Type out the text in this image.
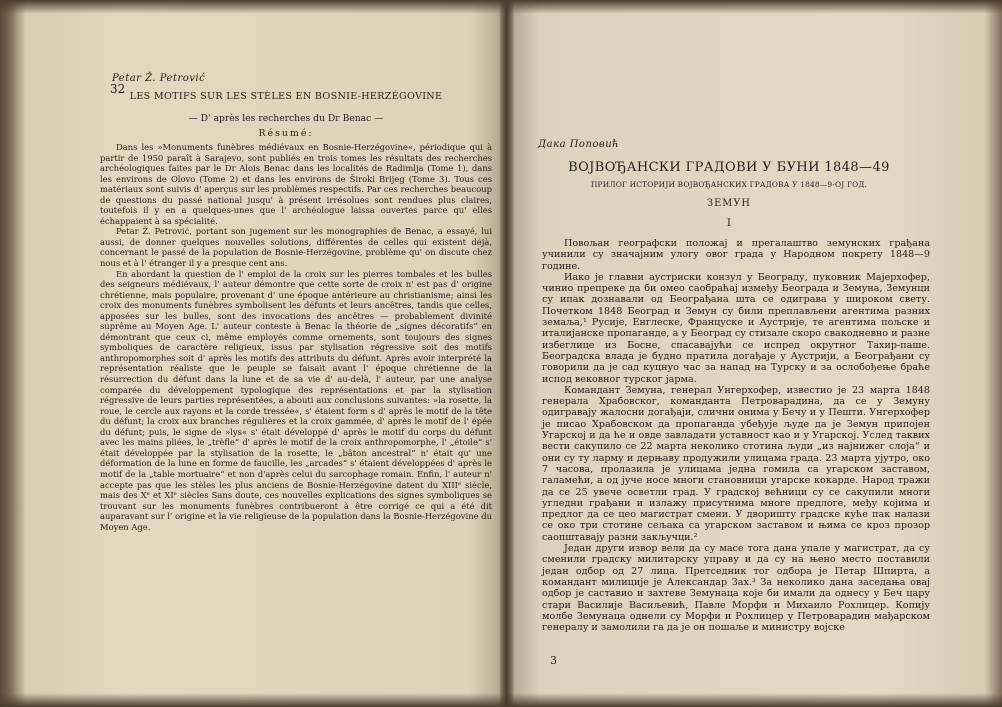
32
Petar Ž. Petrović
LES MOTIFS SUR LES STÈLES EN BOSNIE-HERZÉGOVINE
— D' après les recherches du Dr Benac —
Résumé:

Dans les »Monuments funèbres médiévaux en Bosnie-Herzégovine«, périodique qui à partir de 1950 paraît à Sarajevo, sont publiés en trois tomes les résultats des recherches archéologiques faites par le Dr Alois Benac dans les localités de Radimlja (Tome 1), dans les environs de Olovo (Tome 2) et dans les environs de Široki Brijeg (Tome 3). Tous ces matériaux sont suivis d' aperçus sur les problèmes respectifs. Par ces recherches beaucoup de questions du passé national jusqu' à présent irrésolues sont rendues plus claires, toutefois il y en a quelques-unes que l' archéologue laissa ouvertes parce qu' elles échappaient à sa spécialité.

Petar Ž. Petrović, portant son jugement sur les monographies de Benac, a essayé, lui aussi, de donner quelques nouvelles solutions, différentes de celles qui existent déjà, concernant le passé de la population de Bosnie-Herzégovine, problème qu' on discute chez nous et à l' étranger il y a presque cent ans.

En abordant la question de l' emploi de la croix sur les pierres tombales et les bulles des seigneurs médiévaux, l' auteur démontre que cette sorte de croix n' est pas d' origine chrétienne, mais populaire, provenant d' une époque antérieure au christianisme; ainsi les croix des monuments funèbres symbolisent les défunts et leurs ancêtres, tandis que celles, apposées sur les bulles, sont des invocations des ancêtres — probablement divinité suprême au Moyen Age. L' auteur conteste à Benac la théorie de „signes décoratifs“ en démontrant que ceux ci, même employés comme ornements, sont toujours des signes symboliques de caractère religieux, issus par stylisation régressive soit des motifs anthropomorphes soit d' après les motifs des attributs du défunt. Après avoir interprété la représentation réaliste que le peuple se faisait avant l' époque chrétienne de la résurrection du défunt dans la lune et de sa vie d' au-delà, l' auteur, par une analyse comparée du développement typologique des représentations et par la stylisation régressive de leurs parties représentées, a abouti aux conclusions suivantes: »la rosette, la roue, le cercle aux rayons et la corde tressée«, s' étaient form s d' après le motif de la tête du défunt; la croix aux branches régulières et la croix gammée, d' après le motif de l' épée du défunt; puis, le signe de »lys« s' était développé d' après le motif du corps du défunt avec les mains pliées, le „trèfle“ d' après le motif de la croix anthropomorphe, l' „étoile“ s' était développée par la stylisation de la rosette, le „bâton ancestral“ n' était qu' une déformation de la lune en forme de faucille, les „arcades“ s' étaient développées d' après le motif de la „table mortuaire“ et non d'après celui du sarcophage romain. Enfin, l' auteur n' accepte pas que les stèles les plus anciens de Bosnie-Herzégovine datent du XIIIᵉ siècle, mais des Xᵉ et XIᵉ siècles Sans doute, ces nouvelles explications des signes symboliques se trouvant sur les monuments funèbres contribueront à être corrigé ce qui a été dit auparavant sur l' origine et la vie religieuse de la population dans la Bosnie-Herzégovine du Moyen Age.

Дака Поповић
ВОЈВОЂАНСКИ ГРАДОВИ У БУНИ 1848—49
ПРИЛОГ ИСТОРИЈИ ВОЈВОЂАНСКИХ ГРАДОВА У 1848—9-ОЈ ГОД.
ЗЕМУН
I

Повољан географски положај и прегалаштво земунских грађана учинили су значајним улогу овог града у Народном покрету 1848—9 године.

Иако је главни аустриски конзул у Београду, пуковник Мајерхофер, чинио препреке да би омео саобраћај између Београда и Земуна, Земунци су ипак дознавали од Београђана шта се одиграва у широком свету. Почетком 1848 Београд и Земун су били преплављени агентима разних земаља,¹ Русије, Енглеске, Француске и Аустрије, те агентима пољске и италијанске пропаганде, а у Београд су стизале скоро свакодневно и разне избеглице из Босне, спасавајући се испред окрутног Тахир-паше. Београдска влада је будно пратила догађаје у Аустрији, а Београђани су говорили да је сад куцнуо час за напад на Турску и за ослобођење браће испод вековног турског јарма.

Командант Земуна, генерал Унгерхофер, известио је 23 марта 1848 генерала Храбовског, команданта Петроварадина, да се у Земуну одигравају жалосни догађаји, слични онима у Бечу и у Пешти. Унгерхофер је писао Храбовском да пропаганда убеђује људе да је Земун припојен Угарској и да ће и овде завладати уставност као и у Угарској. Услед таквих вести сакупило се 22 марта неколико стотина људи „из најнижег слоја“ и они су ту ларму и дерњаву продужили улицама града. 23 марта ујутро, око 7 часова, пролазила је улицама једна гомила са угарском заставом, галамећи, а од јуче носе многи становници угарске кокарде. Народ тражи да се 25 увече осветли град. У градској већници су се сакупили многи угледни грађани и излажу присутнима многе предлоге, међу којима и предлог да се цео магистрат смени. У дворишту градске куће пак налази се око три стотине сељака са угарском заставом и њима се кроз прозор саопштавају разни закључци.²

Један други извор вели да су масе тога дана упале у магистрат, да су сменили градску милитарску управу и да су на њено место поставили један одбор од 27 лица. Претседник тог одбора је Петар Шпирта, а командант милиције је Александар Зах.³ За неколико дана заседања овај одбор је саставио и захтеве Земунаца које би имали да однесу у Беч цару стари Василије Васиљевић, Павле Морфи и Михаило Рохлицер. Копију молбе Земунаца однели су Морфи и Рохлицер у Петроварадин мађарском генералу и замолили га да је он пошаље и министру војске

3
